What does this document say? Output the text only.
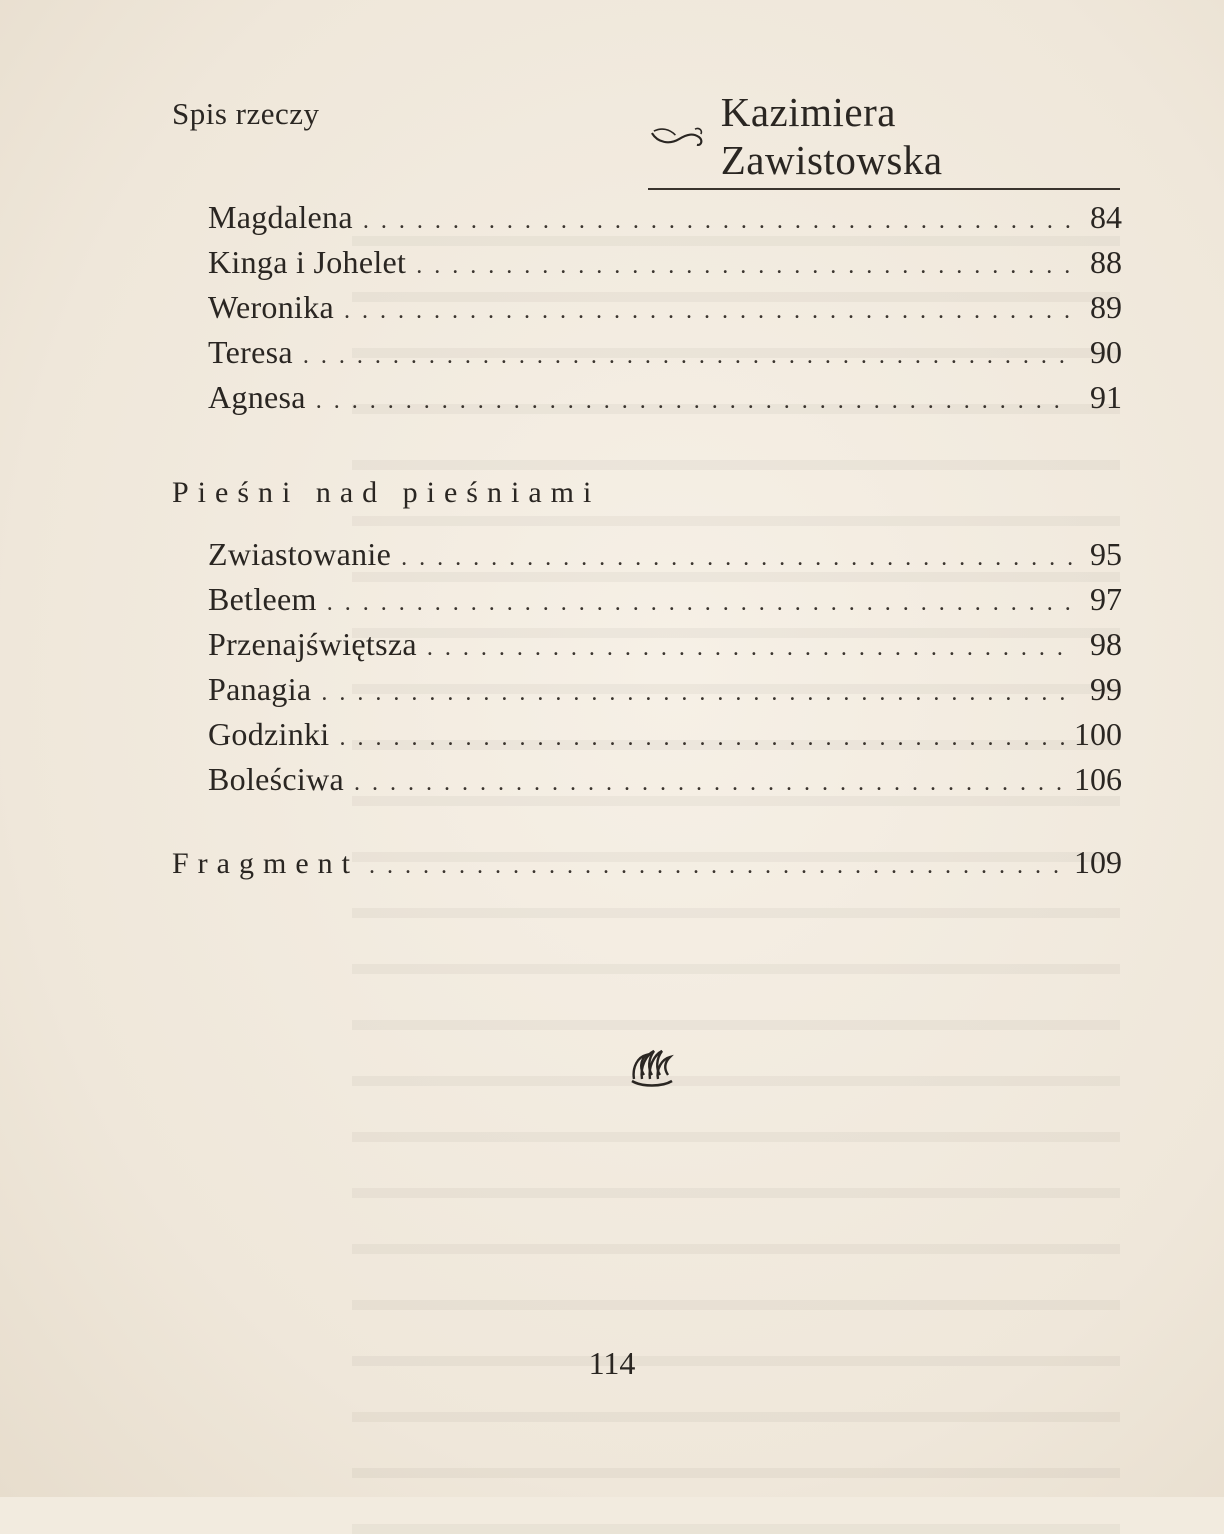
Spis rzeczy	Kazimiera Zawistowska
Magdalena .....	84
Kinga i Johelet .....	88
Weronika .....	89
Teresa .....	90
Agnesa .....	91
Pieśni nad pieśniami
Zwiastowanie .....	95
Betleem .....	97
Przenajświętsza .....	98
Panagia .....	99
Godzinki .....	100
Boleściwa .....	106
Fragment .....	109
114
